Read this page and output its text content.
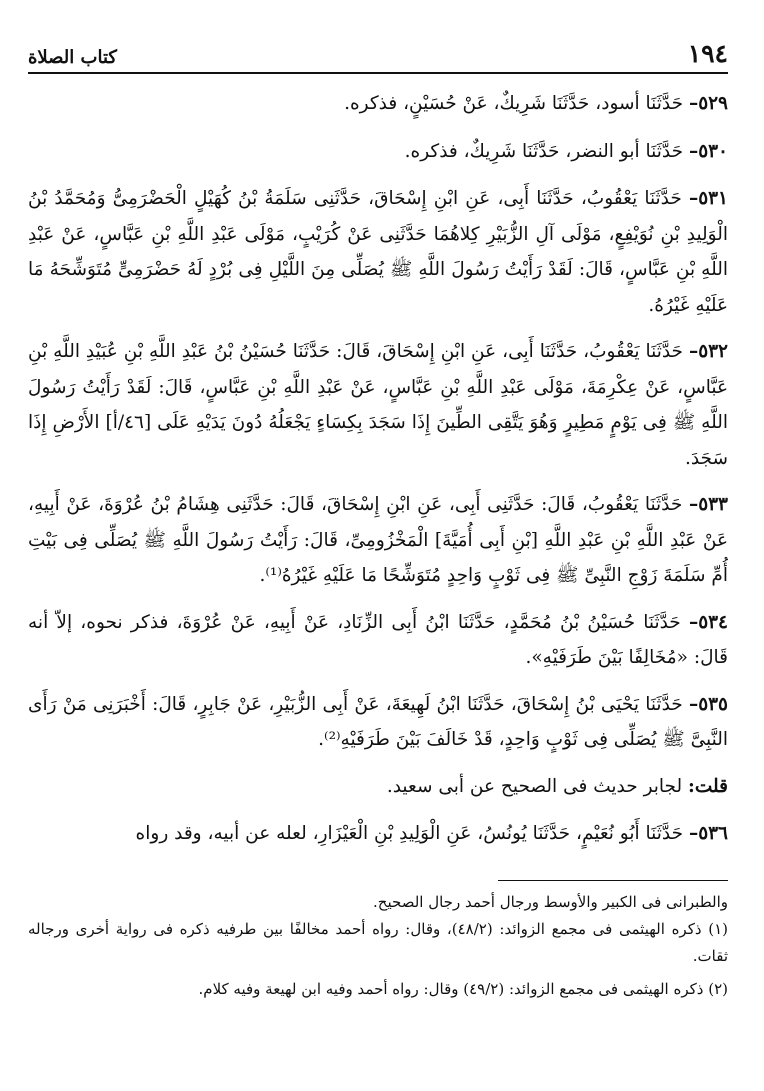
١٩٤
كتاب الصلاة

٥٢٩– حَدَّثَنَا أسود، حَدَّثَنَا شَرِيكٌ، عَنْ حُسَيْنٍ، فذكره.

٥٣٠– حَدَّثَنَا أبو النضر، حَدَّثَنَا شَرِيكٌ، فذكره.

٥٣١– حَدَّثَنَا يَعْقُوبُ، حَدَّثَنَا أَبِى، عَنِ ابْنِ إِسْحَاقَ، حَدَّثَنِى سَلَمَةُ بْنُ كُهَيْلٍ الْحَضْرَمِىُّ وَمُحَمَّدُ بْنُ الْوَلِيدِ بْنِ نُوَيْفِعٍ، مَوْلَى آلِ الزُّبَيْرِ كِلاهُمَا حَدَّثَنِى عَنْ كُرَيْبٍ، مَوْلَى عَبْدِ اللَّهِ بْنِ عَبَّاسٍ، عَنْ عَبْدِ اللَّهِ بْنِ عَبَّاسٍ، قَالَ: لَقَدْ رَأَيْتُ رَسُولَ اللَّهِ ﷺ يُصَلِّى مِنَ اللَّيْلِ فِى بُرْدٍ لَهُ حَضْرَمِىٍّ مُتَوَشِّحَهُ مَا عَلَيْهِ غَيْرُهُ.

٥٣٢– حَدَّثَنَا يَعْقُوبُ، حَدَّثَنَا أَبِى، عَنِ ابْنِ إِسْحَاقَ، قَالَ: حَدَّثَنَا حُسَيْنُ بْنُ عَبْدِ اللَّهِ بْنِ عُبَيْدِ اللَّهِ بْنِ عَبَّاسٍ، عَنْ عِكْرِمَةَ، مَوْلَى عَبْدِ اللَّهِ بْنِ عَبَّاسٍ، عَنْ عَبْدِ اللَّهِ بْنِ عَبَّاسٍ، قَالَ: لَقَدْ رَأَيْتُ رَسُولَ اللَّهِ ﷺ فِى يَوْمٍ مَطِيرٍ وَهُوَ يَتَّقِى الطِّينَ إِذَا سَجَدَ بِكِسَاءٍ يَجْعَلُهُ دُونَ يَدَيْهِ عَلَى [٤٦/أ] الأَرْضِ إِذَا سَجَدَ.

٥٣٣– حَدَّثَنَا يَعْقُوبُ، قَالَ: حَدَّثَنِى أَبِى، عَنِ ابْنِ إِسْحَاقَ، قَالَ: حَدَّثَنِى هِشَامُ بْنُ عُرْوَةَ، عَنْ أَبِيهِ، عَنْ عَبْدِ اللَّهِ بْنِ عَبْدِ اللَّهِ [بْنِ أَبِى أُمَيَّةَ] الْمَخْزُومِىِّ، قَالَ: رَأَيْتُ رَسُولَ اللَّهِ ﷺ يُصَلِّى فِى بَيْتِ أُمِّ سَلَمَةَ زَوْجِ النَّبِىِّ ﷺ فِى ثَوْبٍ وَاحِدٍ مُتَوَشِّحًا مَا عَلَيْهِ غَيْرُهُ⁽¹⁾.

٥٣٤– حَدَّثَنَا حُسَيْنُ بْنُ مُحَمَّدٍ، حَدَّثَنَا ابْنُ أَبِى الزِّنَادِ، عَنْ أَبِيهِ، عَنْ عُرْوَةَ، فذكر نحوه، إلاّ أنه قَالَ: «مُخَالِفًا بَيْنَ طَرَفَيْهِ».

٥٣٥– حَدَّثَنَا يَحْيَى بْنُ إِسْحَاقَ، حَدَّثَنَا ابْنُ لَهِيعَةَ، عَنْ أَبِى الزُّبَيْرِ، عَنْ جَابِرٍ، قَالَ: أَخْبَرَنِى مَنْ رَأَى النَّبِىَّ ﷺ يُصَلِّى فِى ثَوْبٍ وَاحِدٍ، قَدْ خَالَفَ بَيْنَ طَرَفَيْهِ⁽²⁾.

قلت: لجابر حديث فى الصحيح عن أبى سعيد.

٥٣٦– حَدَّثَنَا أَبُو نُعَيْمٍ، حَدَّثَنَا يُونُسُ، عَنِ الْوَلِيدِ بْنِ الْعَيْزَارِ، لعله عن أبيه، وقد رواه

والطبرانى فى الكبير والأوسط ورجال أحمد رجال الصحيح.

(١) ذكره الهيثمى فى مجمع الزوائد: (٤٨/٢)، وقال: رواه أحمد مخالفًا بين طرفيه ذكره فى رواية أخرى ورجاله ثقات.

(٢) ذكره الهيثمى فى مجمع الزوائد: (٤٩/٢) وقال: رواه أحمد وفيه ابن لهيعة وفيه كلام.
